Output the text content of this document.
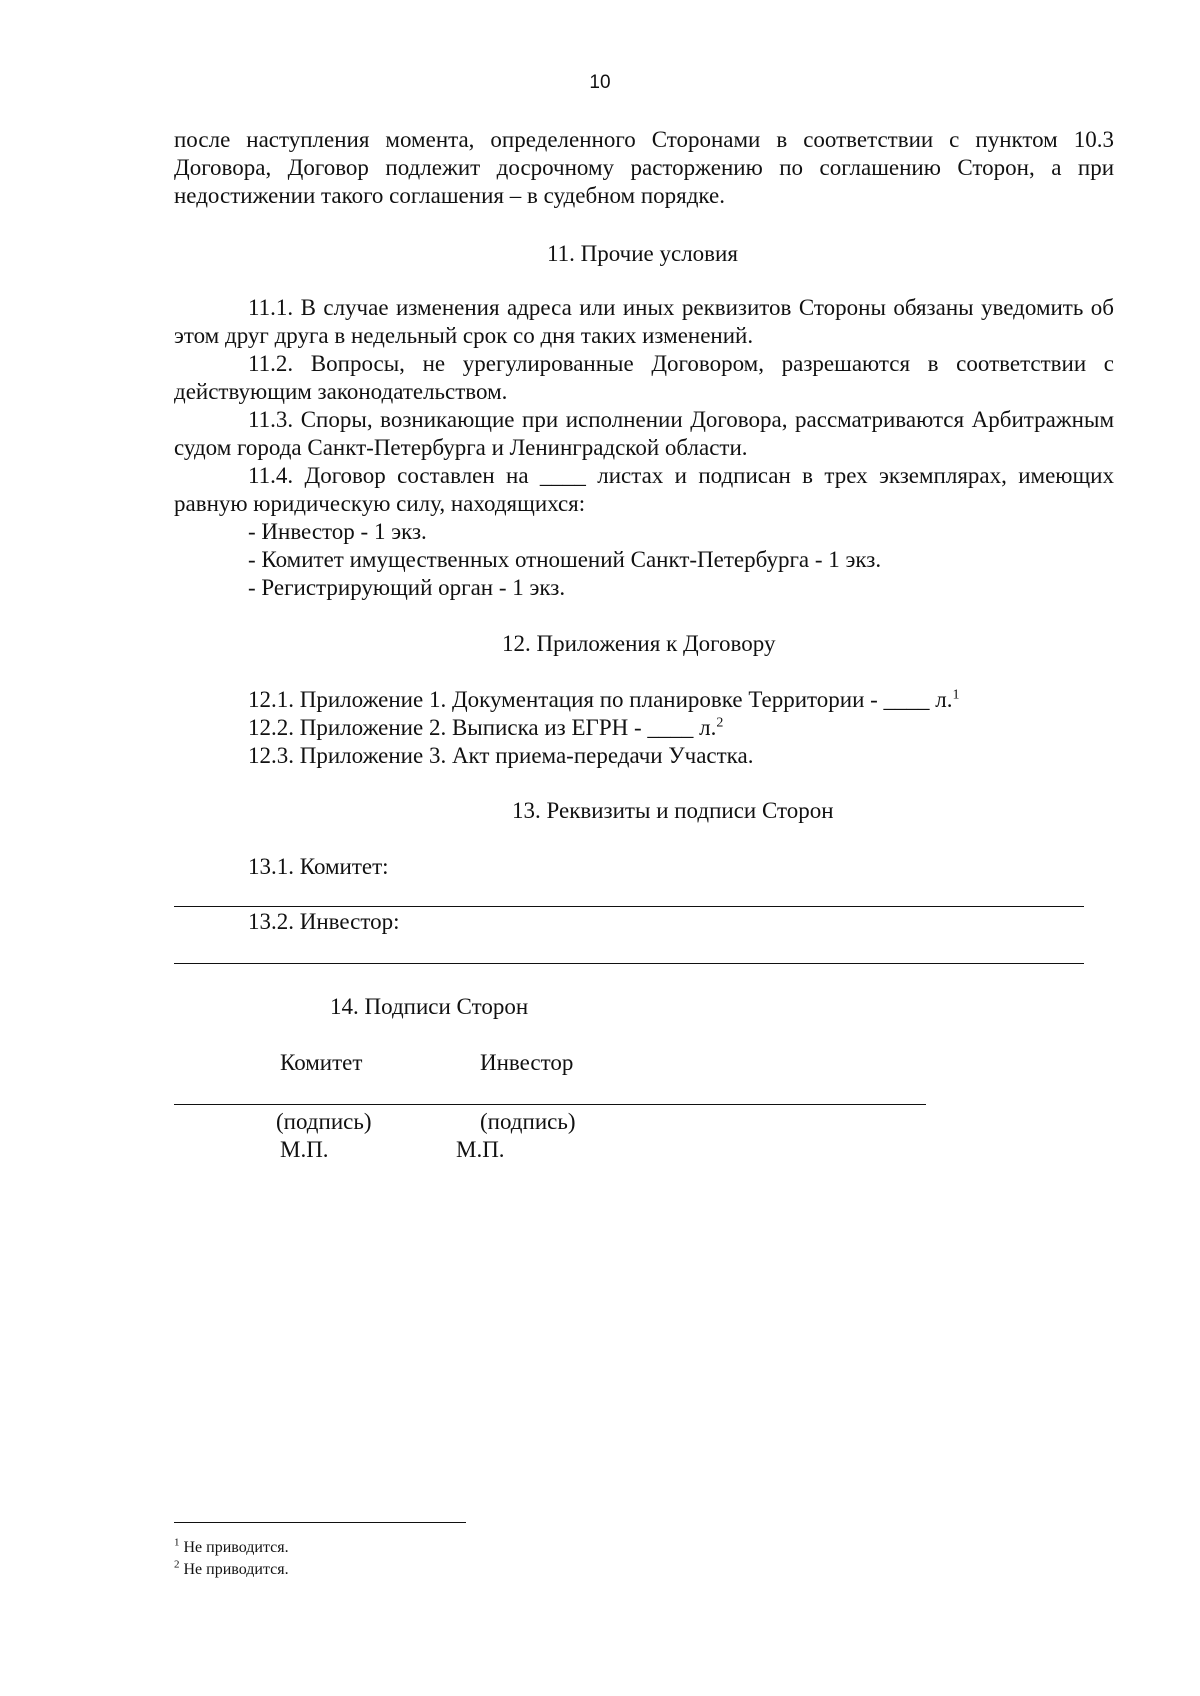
10

после наступления момента, определенного Сторонами в соответствии с пунктом 10.3 Договора, Договор подлежит досрочному расторжению по соглашению Сторон, а при недостижении такого соглашения – в судебном порядке.

11. Прочие условия

11.1. В случае изменения адреса или иных реквизитов Стороны обязаны уведомить об этом друг друга в недельный срок со дня таких изменений.

11.2. Вопросы, не урегулированные Договором, разрешаются в соответствии с действующим законодательством.

11.3. Споры, возникающие при исполнении Договора, рассматриваются Арбитражным судом города Санкт-Петербурга и Ленинградской области.

11.4. Договор составлен на ____ листах и подписан в трех экземплярах, имеющих равную юридическую силу, находящихся:

- Инвестор - 1 экз.
- Комитет имущественных отношений Санкт-Петербурга - 1 экз.
- Регистрирующий орган - 1 экз.
12. Приложения к Договору
12.1. Приложение 1. Документация по планировке Территории - ____ л.$^1$
12.2. Приложение 2. Выписка из ЕГРН - ____ л.$^2$
12.3. Приложение 3. Акт приема-передачи Участка.
13. Реквизиты и подписи Сторон
13.1. Комитет:
13.2. Инвестор:
14. Подписи Сторон
Комитет	Инвестор
(подпись)	(подпись)
М.П.	М.П.
$^1$ Не приводится.
$^2$ Не приводится.
